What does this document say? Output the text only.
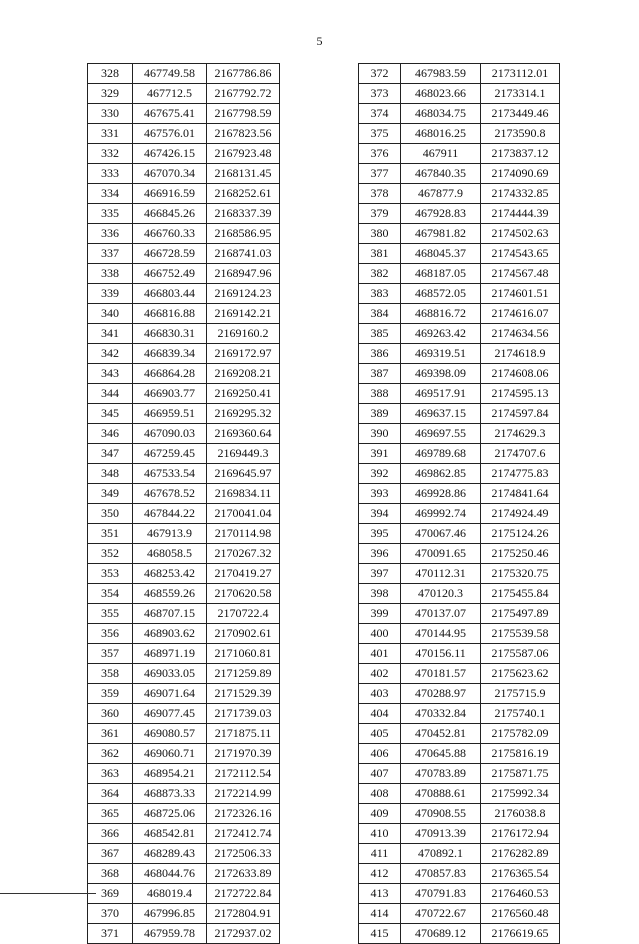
5
328	467749.58	2167786.86
329	467712.5	2167792.72
330	467675.41	2167798.59
331	467576.01	2167823.56
332	467426.15	2167923.48
333	467070.34	2168131.45
334	466916.59	2168252.61
335	466845.26	2168337.39
336	466760.33	2168586.95
337	466728.59	2168741.03
338	466752.49	2168947.96
339	466803.44	2169124.23
340	466816.88	2169142.21
341	466830.31	2169160.2
342	466839.34	2169172.97
343	466864.28	2169208.21
344	466903.77	2169250.41
345	466959.51	2169295.32
346	467090.03	2169360.64
347	467259.45	2169449.3
348	467533.54	2169645.97
349	467678.52	2169834.11
350	467844.22	2170041.04
351	467913.9	2170114.98
352	468058.5	2170267.32
353	468253.42	2170419.27
354	468559.26	2170620.58
355	468707.15	2170722.4
356	468903.62	2170902.61
357	468971.19	2171060.81
358	469033.05	2171259.89
359	469071.64	2171529.39
360	469077.45	2171739.03
361	469080.57	2171875.11
362	469060.71	2171970.39
363	468954.21	2172112.54
364	468873.33	2172214.99
365	468725.06	2172326.16
366	468542.81	2172412.74
367	468289.43	2172506.33
368	468044.76	2172633.89
369	468019.4	2172722.84
370	467996.85	2172804.91
371	467959.78	2172937.02
372	467983.59	2173112.01
373	468023.66	2173314.1
374	468034.75	2173449.46
375	468016.25	2173590.8
376	467911	2173837.12
377	467840.35	2174090.69
378	467877.9	2174332.85
379	467928.83	2174444.39
380	467981.82	2174502.63
381	468045.37	2174543.65
382	468187.05	2174567.48
383	468572.05	2174601.51
384	468816.72	2174616.07
385	469263.42	2174634.56
386	469319.51	2174618.9
387	469398.09	2174608.06
388	469517.91	2174595.13
389	469637.15	2174597.84
390	469697.55	2174629.3
391	469789.68	2174707.6
392	469862.85	2174775.83
393	469928.86	2174841.64
394	469992.74	2174924.49
395	470067.46	2175124.26
396	470091.65	2175250.46
397	470112.31	2175320.75
398	470120.3	2175455.84
399	470137.07	2175497.89
400	470144.95	2175539.58
401	470156.11	2175587.06
402	470181.57	2175623.62
403	470288.97	2175715.9
404	470332.84	2175740.1
405	470452.81	2175782.09
406	470645.88	2175816.19
407	470783.89	2175871.75
408	470888.61	2175992.34
409	470908.55	2176038.8
410	470913.39	2176172.94
411	470892.1	2176282.89
412	470857.83	2176365.54
413	470791.83	2176460.53
414	470722.67	2176560.48
415	470689.12	2176619.65
